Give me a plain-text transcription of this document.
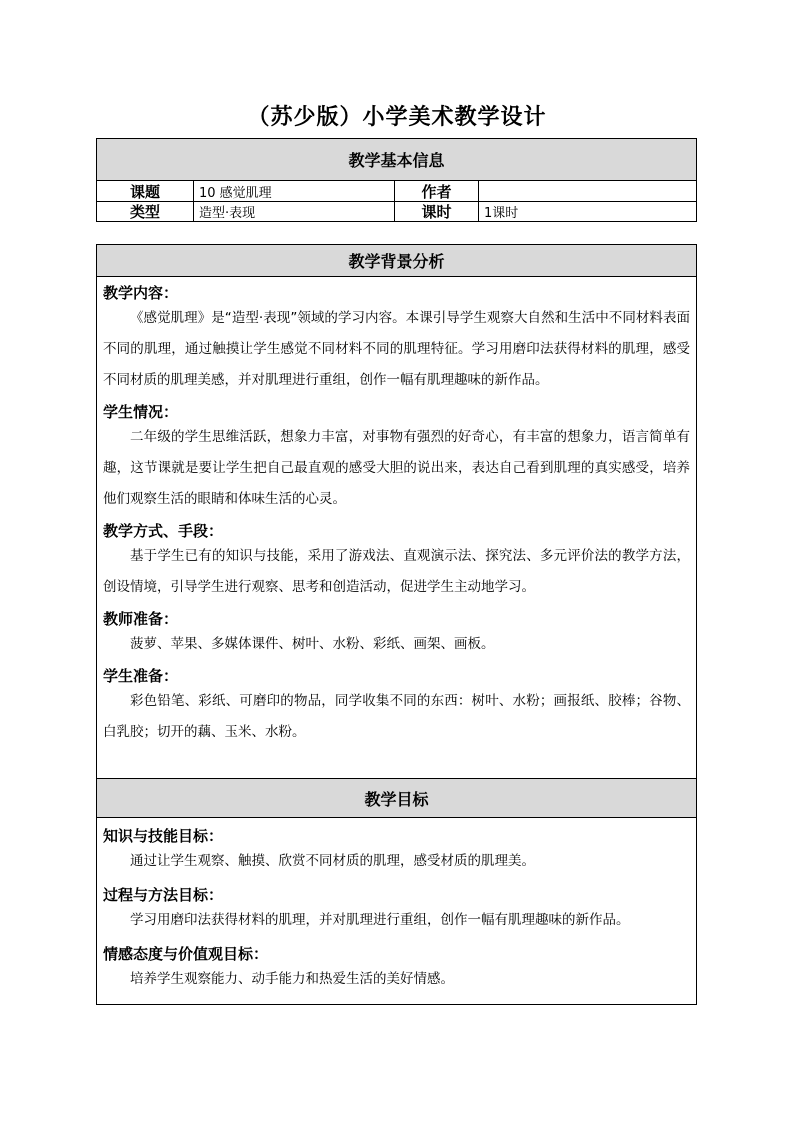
（苏少版）小学美术教学设计
教学基本信息
课题	10 感觉肌理	作者
类型	造型·表现	课时	1课时
教学背景分析
教学内容：

《感觉肌理》是“造型·表现”领域的学习内容。本课引导学生观察大自然和生活中不同材料表面不同的肌理，通过触摸让学生感觉不同材料不同的肌理特征。学习用磨印法获得材料的肌理，感受不同材质的肌理美感，并对肌理进行重组，创作一幅有肌理趣味的新作品。

学生情况：

二年级的学生思维活跃，想象力丰富，对事物有强烈的好奇心，有丰富的想象力，语言简单有趣，这节课就是要让学生把自己最直观的感受大胆的说出来，表达自己看到肌理的真实感受，培养他们观察生活的眼睛和体味生活的心灵。

教学方式、手段：

基于学生已有的知识与技能，采用了游戏法、直观演示法、探究法、多元评价法的教学方法，创设情境，引导学生进行观察、思考和创造活动，促进学生主动地学习。

教师准备：

菠萝、苹果、多媒体课件、树叶、水粉、彩纸、画架、画板。

学生准备：

彩色铅笔、彩纸、可磨印的物品，同学收集不同的东西：树叶、水粉；画报纸、胶棒；谷物、白乳胶；切开的藕、玉米、水粉。

教学目标
知识与技能目标：

通过让学生观察、触摸、欣赏不同材质的肌理，感受材质的肌理美。

过程与方法目标：

学习用磨印法获得材料的肌理，并对肌理进行重组，创作一幅有肌理趣味的新作品。

情感态度与价值观目标：

培养学生观察能力、动手能力和热爱生活的美好情感。
